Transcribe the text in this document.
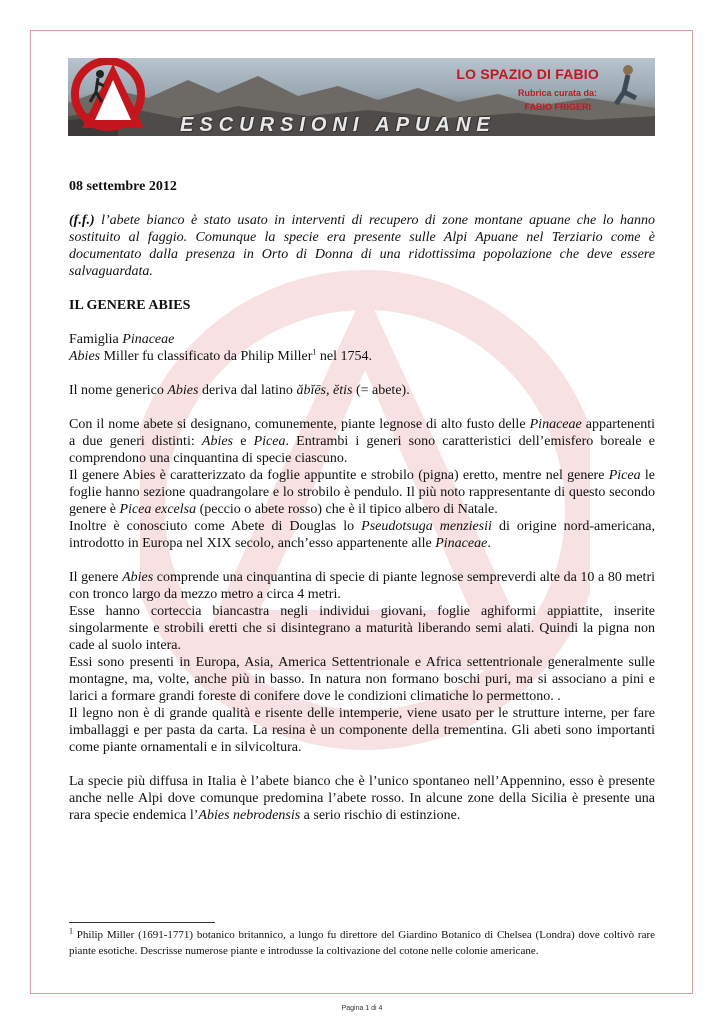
LO SPAZIO DI FABIO
Rubrica curata da:
FABIO FRIGERI
ESCURSIONI APUANE

08 settembre 2012

(f.f.) l’abete bianco è stato usato in interventi di recupero di zone montane apuane che lo hanno sostituito al faggio. Comunque la specie era presente sulle Alpi Apuane nel Terziario come è documentato dalla presenza in Orto di Donna di una ridottissima popolazione che deve essere salvaguardata.

IL GENERE ABIES

Famiglia Pinaceae

Abies Miller fu classificato da Philip Miller$^1$ nel 1754.

Il nome generico Abies deriva dal latino ăbĭēs, ĕtis (= abete).

Con il nome abete si designano, comunemente, piante legnose di alto fusto delle Pinaceae appartenenti a due generi distinti: Abies e Picea. Entrambi i generi sono caratteristici dell’emisfero boreale e comprendono una cinquantina di specie ciascuno.
Il genere Abies è caratterizzato da foglie appuntite e strobilo (pigna) eretto, mentre nel genere Picea le foglie hanno sezione quadrangolare e lo strobilo è pendulo. Il più noto rappresentante di questo secondo genere è Picea excelsa (peccio o abete rosso) che è il tipico albero di Natale.
Inoltre è conosciuto come Abete di Douglas lo Pseudotsuga menziesii di origine nord-americana, introdotto in Europa nel XIX secolo, anch’esso appartenente alle Pinaceae.

Il genere Abies comprende una cinquantina di specie di piante legnose sempreverdi alte da 10 a 80 metri con tronco largo da mezzo metro a circa 4 metri.
Esse hanno corteccia biancastra negli individui giovani, foglie aghiformi appiattite, inserite singolarmente e strobili eretti che si disintegrano a maturità liberando semi alati. Quindi la pigna non cade al suolo intera.
Essi sono presenti in Europa, Asia, America Settentrionale e Africa settentrionale generalmente sulle montagne, ma, volte, anche più in basso. In natura non formano boschi puri, ma si associano a pini e larici a formare grandi foreste di conifere dove le condizioni climatiche lo permettono. .
Il legno non è di grande qualità e risente delle intemperie, viene usato per le strutture interne, per fare imballaggi e per pasta da carta. La resina è un componente della trementina. Gli abeti sono importanti come piante ornamentali e in silvicoltura.

La specie più diffusa in Italia è l’abete bianco che è l’unico spontaneo nell’Appennino, esso è presente anche nelle Alpi dove comunque predomina l’abete rosso. In alcune zone della Sicilia è presente una rara specie endemica l’Abies nebrodensis a serio rischio di estinzione.

$^1$ Philip Miller (1691-1771) botanico britannico, a lungo fu direttore del Giardino Botanico di Chelsea (Londra) dove coltivò rare piante esotiche. Descrisse numerose piante e introdusse la coltivazione del cotone nelle colonie americane.
Pagina 1 di 4
